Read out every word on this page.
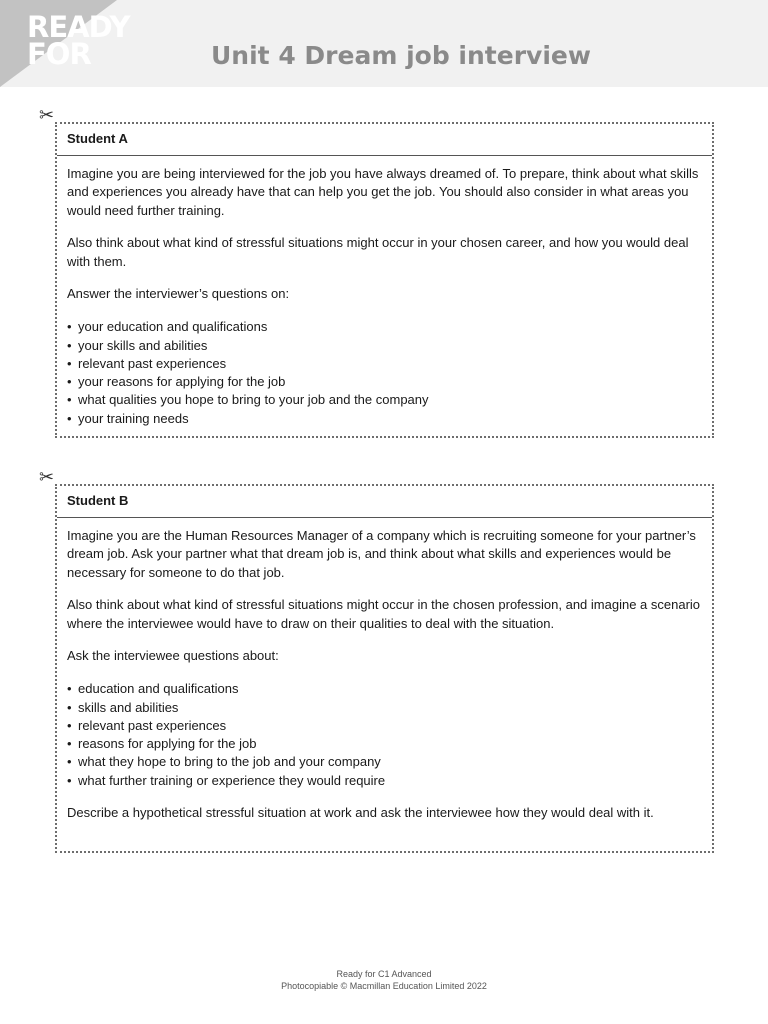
READY
FOR	Unit 4 Dream job interview
✂
Student A

Imagine you are being interviewed for the job you have always dreamed of. To prepare, think about what skills and experiences you already have that can help you get the job. You should also consider in what areas you would need further training.

Also think about what kind of stressful situations might occur in your chosen career, and how you would deal with them.

Answer the interviewer’s questions on:

• your education and qualifications
• your skills and abilities
• relevant past experiences
• your reasons for applying for the job
• what qualities you hope to bring to your job and the company
• your training needs
✂
Student B

Imagine you are the Human Resources Manager of a company which is recruiting someone for your partner’s dream job. Ask your partner what that dream job is, and think about what skills and experiences would be necessary for someone to do that job.

Also think about what kind of stressful situations might occur in the chosen profession, and imagine a scenario where the interviewee would have to draw on their qualities to deal with the situation.

Ask the interviewee questions about:

• education and qualifications
• skills and abilities
• relevant past experiences
• reasons for applying for the job
• what they hope to bring to the job and your company
• what further training or experience they would require

Describe a hypothetical stressful situation at work and ask the interviewee how they would deal with it.

Ready for C1 Advanced
Photocopiable © Macmillan Education Limited 2022
